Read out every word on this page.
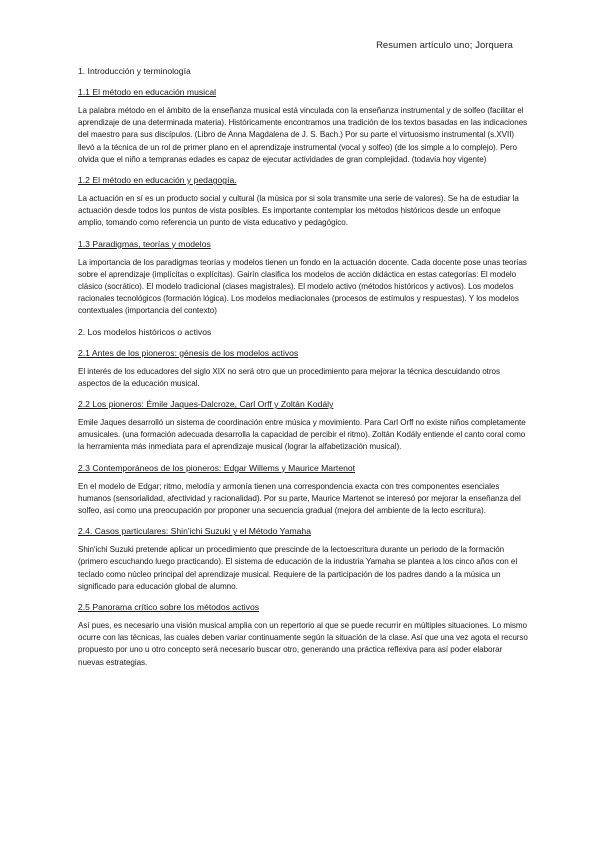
Resumen artículo uno; Jorquera
1. Introducción y terminología
1.1 El método en educación musical
La palabra método en el ámbito de la enseñanza musical está vinculada con la enseñanza instrumental y de solfeo (facilitar el aprendizaje de una determinada materia). Históricamente encontramos una tradición de los textos basadas en las indicaciones del maestro para sus discípulos. (Libro de Anna Magdalena de J. S. Bach.) Por su parte el virtuosismo instrumental (s.XVII) llevó a la técnica de un rol de primer plano en el aprendizaje instrumental (vocal y solfeo) (de los simple a lo complejo). Pero olvida que el niño a tempranas edades es capaz de ejecutar actividades de gran complejidad. (todavía hoy vigente)
1.2 El método en educación y pedagogía.
La actuación en sí es un producto social y cultural (la música por si sola transmite una serie de valores). Se ha de estudiar la actuación desde todos los puntos de vista posibles. Es importante contemplar los métodos históricos desde un enfoque amplio, tomando como referencia un punto de vista educativo y pedagógico.
1.3 Paradigmas, teorías y modelos
La importancia de los paradigmas teorías y modelos tienen un fondo en la actuación docente. Cada docente pose unas teorías sobre el aprendizaje (implícitas o explícitas). Gairín clasifica los modelos de acción didáctica en estas categorías: El modelo clásico (socrático). El modelo tradicional (clases magistrales). El modelo activo (métodos históricos y activos). Los modelos racionales tecnológicos (formación lógica). Los modelos mediacionales (procesos de estímulos y respuestas). Y los modelos contextuales (importancia del contexto)
2. Los modelos históricos o activos
2.1 Antes de los pioneros: génesis de los modelos activos
El interés de los educadores del siglo XIX no será otro que un procedimiento para mejorar la técnica descuidando otros aspectos de la educación musical.
2.2 Los pioneros: Émile Jaques-Dalcroze, Carl Orff y Zoltán Kodály
Emile Jaques desarrolló un sistema de coordinación entre música y movimiento. Para Carl Orff no existe niños completamente amusicales. (una formación adecuada desarrolla la capacidad de percibir el ritmo). Zoltán Kodály entiende el canto coral como la herramienta más inmediata para el aprendizaje musical (lograr la alfabetización musical).
2.3 Contemporáneos de los pioneros: Edgar Willems y Maurice Martenot
En el modelo de Edgar; ritmo, melodía y armonía tienen una correspondencia exacta con tres componentes esenciales humanos (sensorialidad, afectividad y racionalidad). Por su parte, Maurice Martenot se interesó por mejorar la enseñanza del solfeo, así como una preocupación por proponer una secuencia gradual (mejora del ambiente de la lecto escritura).
2.4. Casos particulares: Shin'ichi Suzuki y el Método Yamaha
Shin'ichi Suzuki pretende aplicar un procedimiento que prescinde de la lectoescritura durante un periodo de la formación (primero escuchando luego practicando). El sistema de educación de la industria Yamaha se plantea a los cinco años con el teclado como núcleo principal del aprendizaje musical. Requiere de la participación de los padres dando a la música un significado para educación global de alumno.
2.5 Panorama crítico sobre los métodos activos
Así pues, es necesario una visión musical amplia con un repertorio al que se puede recurrir en múltiples situaciones. Lo mismo ocurre con las técnicas, las cuales deben variar continuamente según la situación de la clase. Así que una vez agota el recurso propuesto por uno u otro concepto será necesario buscar otro, generando una práctica reflexiva para así poder elaborar nuevas estrategias.
